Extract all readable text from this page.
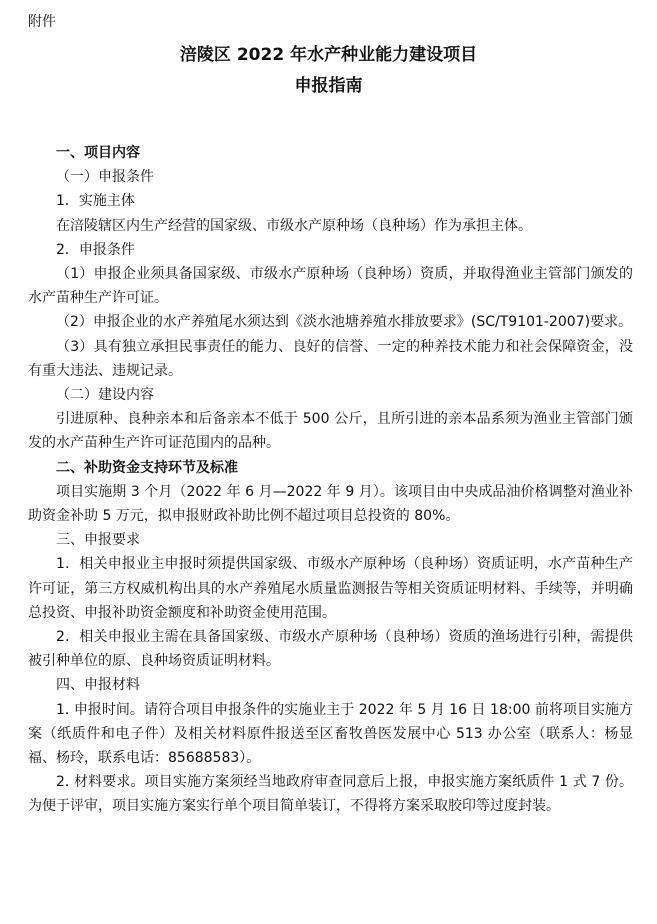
附件
涪陵区 2022 年水产种业能力建设项目
申报指南

一、项目内容

（一）申报条件

1．实施主体

在涪陵辖区内生产经营的国家级、市级水产原种场（良种场）作为承担主体。

2．申报条件

（1）申报企业须具备国家级、市级水产原种场（良种场）资质，并取得渔业主管部门颁发的水产苗种生产许可证。

（2）申报企业的水产养殖尾水须达到《淡水池塘养殖水排放要求》(SC/T9101-2007)要求。

（3）具有独立承担民事责任的能力、良好的信誉、一定的种养技术能力和社会保障资金，没有重大违法、违规记录。

（二）建设内容

引进原种、良种亲本和后备亲本不低于 500 公斤，且所引进的亲本品系须为渔业主管部门颁发的水产苗种生产许可证范围内的品种。

二、补助资金支持环节及标准

项目实施期 3 个月（2022 年 6 月—2022 年 9 月）。该项目由中央成品油价格调整对渔业补助资金补助 5 万元，拟申报财政补助比例不超过项目总投资的 80%。

三、申报要求

1．相关申报业主申报时须提供国家级、市级水产原种场（良种场）资质证明，水产苗种生产许可证，第三方权威机构出具的水产养殖尾水质量监测报告等相关资质证明材料、手续等，并明确总投资、申报补助资金额度和补助资金使用范围。

2．相关申报业主需在具备国家级、市级水产原种场（良种场）资质的渔场进行引种，需提供被引种单位的原、良种场资质证明材料。

四、申报材料

1. 申报时间。请符合项目申报条件的实施业主于 2022 年 5 月 16 日 18:00 前将项目实施方案（纸质件和电子件）及相关材料原件报送至区畜牧兽医发展中心 513 办公室（联系人：杨显福、杨玲，联系电话：85688583）。

2. 材料要求。项目实施方案须经当地政府审查同意后上报，申报实施方案纸质件 1 式 7 份。为便于评审，项目实施方案实行单个项目简单装订，不得将方案采取胶印等过度封装。
